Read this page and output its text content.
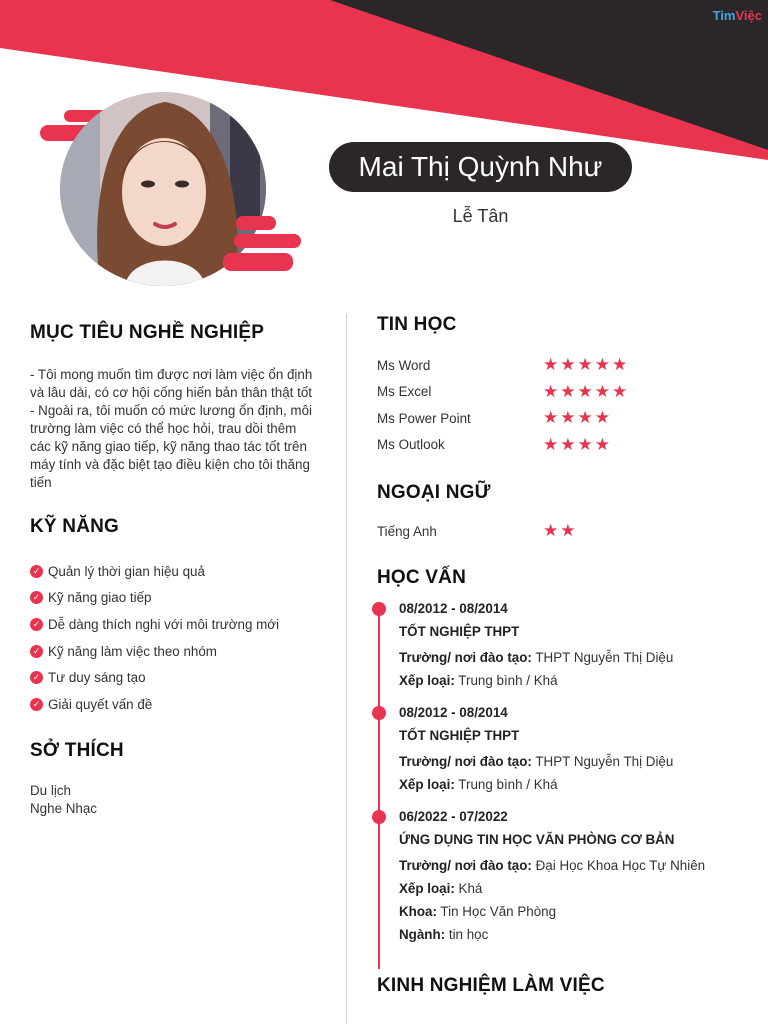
TimViệc
Mai Thị Quỳnh Như
Lễ Tân
MỤC TIÊU NGHỀ NGHIỆP
- Tôi mong muốn tìm được nơi làm việc ổn định
và lâu dài, có cơ hội cống hiến bản thân thật tốt
- Ngoài ra, tôi muốn có mức lương ổn định, môi
trường làm việc có thể học hỏi, trau dồi thêm
các kỹ năng giao tiếp, kỹ năng thao tác tốt trên
máy tính và đặc biệt tạo điều kiện cho tôi thăng
tiến
KỸ NĂNG
✓ Quản lý thời gian hiệu quả
✓ Kỹ năng giao tiếp
✓ Dễ dàng thích nghi với môi trường mới
✓ Kỹ năng làm việc theo nhóm
✓ Tư duy sáng tạo
✓ Giải quyết vấn đề
SỞ THÍCH
Du lịch
Nghe Nhạc
TIN HỌC
Ms Word	★★★★★
Ms Excel	★★★★★
Ms Power Point	★★★★
Ms Outlook	★★★★
NGOẠI NGỮ
Tiếng Anh	★★
HỌC VẤN
08/2012 - 08/2014
TỐT NGHIỆP THPT
Trường/ nơi đào tạo: THPT Nguyễn Thị Diệu
Xếp loại: Trung bình / Khá
08/2012 - 08/2014
TỐT NGHIỆP THPT
Trường/ nơi đào tạo: THPT Nguyễn Thị Diệu
Xếp loại: Trung bình / Khá
06/2022 - 07/2022
ỨNG DỤNG TIN HỌC VĂN PHÒNG CƠ BẢN
Trường/ nơi đào tạo: Đại Học Khoa Học Tự Nhiên
Xếp loại: Khá
Khoa: Tin Học Văn Phòng
Ngành: tin học
KINH NGHIỆM LÀM VIỆC
